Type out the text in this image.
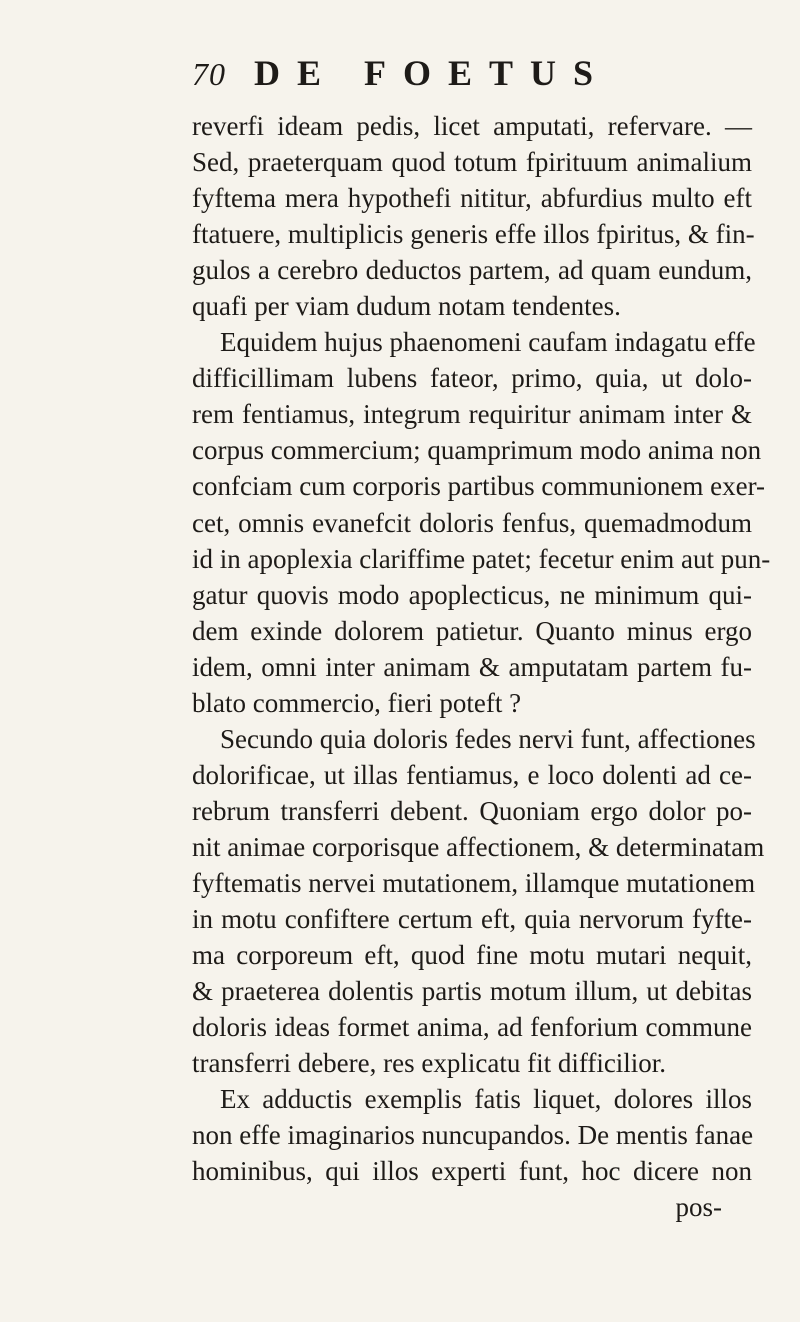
70 DE FOETUS
reverfi ideam pedis, licet amputati, refervare. —
Sed, praeterquam quod totum fpirituum animalium
fyftema mera hypothefi nititur, abfurdius multo eft
ftatuere, multiplicis generis effe illos fpiritus, & fin-
gulos a cerebro deductos partem, ad quam eundum,
quafi per viam dudum notam tendentes.
Equidem hujus phaenomeni caufam indagatu effe
difficillimam lubens fateor, primo, quia, ut dolo-
rem fentiamus, integrum requiritur animam inter &
corpus commercium; quamprimum modo anima non
confciam cum corporis partibus communionem exer-
cet, omnis evanefcit doloris fenfus, quemadmodum
id in apoplexia clariffime patet; fecetur enim aut pun-
gatur quovis modo apoplecticus, ne minimum qui-
dem exinde dolorem patietur. Quanto minus ergo
idem, omni inter animam & amputatam partem fu-
blato commercio, fieri poteft ?
Secundo quia doloris fedes nervi funt, affectiones
dolorificae, ut illas fentiamus, e loco dolenti ad ce-
rebrum transferri debent. Quoniam ergo dolor po-
nit animae corporisque affectionem, & determinatam
fyftematis nervei mutationem, illamque mutationem
in motu confiftere certum eft, quia nervorum fyfte-
ma corporeum eft, quod fine motu mutari nequit,
& praeterea dolentis partis motum illum, ut debitas
doloris ideas formet anima, ad fenforium commune
transferri debere, res explicatu fit difficilior.
Ex adductis exemplis fatis liquet, dolores illos
non effe imaginarios nuncupandos. De mentis fanae
hominibus, qui illos experti funt, hoc dicere non
pos-
